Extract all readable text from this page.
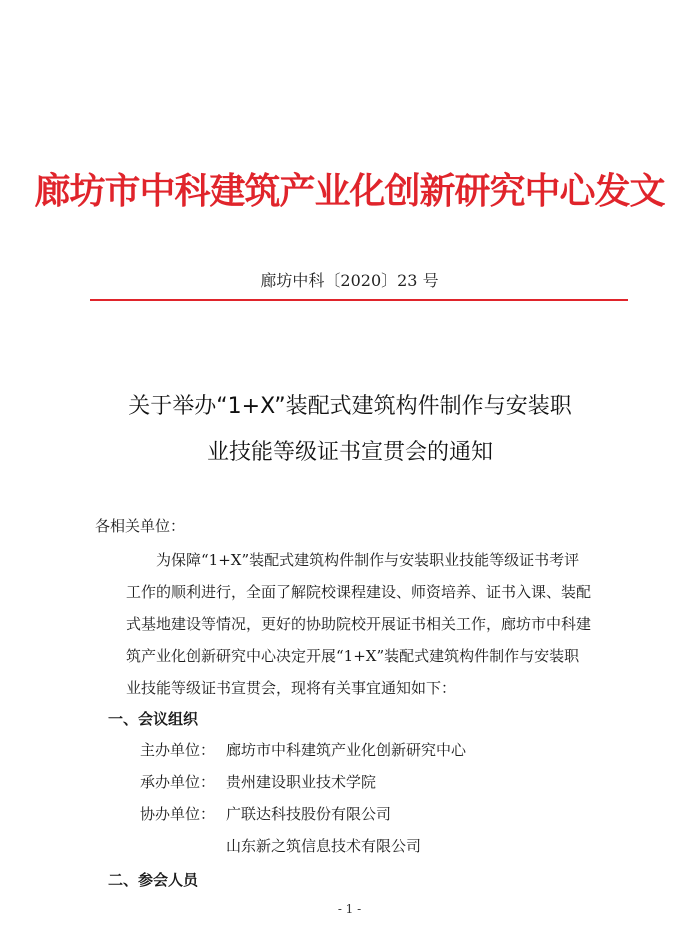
廊坊市中科建筑产业化创新研究中心发文
廊坊中科〔2020〕23 号
关于举办“1+X”装配式建筑构件制作与安装职
业技能等级证书宣贯会的通知
各相关单位：
为保障“1+X”装配式建筑构件制作与安装职业技能等级证书考评
工作的顺利进行，全面了解院校课程建设、师资培养、证书入课、装配
式基地建设等情况，更好的协助院校开展证书相关工作，廊坊市中科建
筑产业化创新研究中心决定开展“1+X”装配式建筑构件制作与安装职
业技能等级证书宣贯会，现将有关事宜通知如下：
一、会议组织
主办单位： 廊坊市中科建筑产业化创新研究中心
承办单位： 贵州建设职业技术学院
协办单位： 广联达科技股份有限公司
山东新之筑信息技术有限公司
二、参会人员
- 1 -
